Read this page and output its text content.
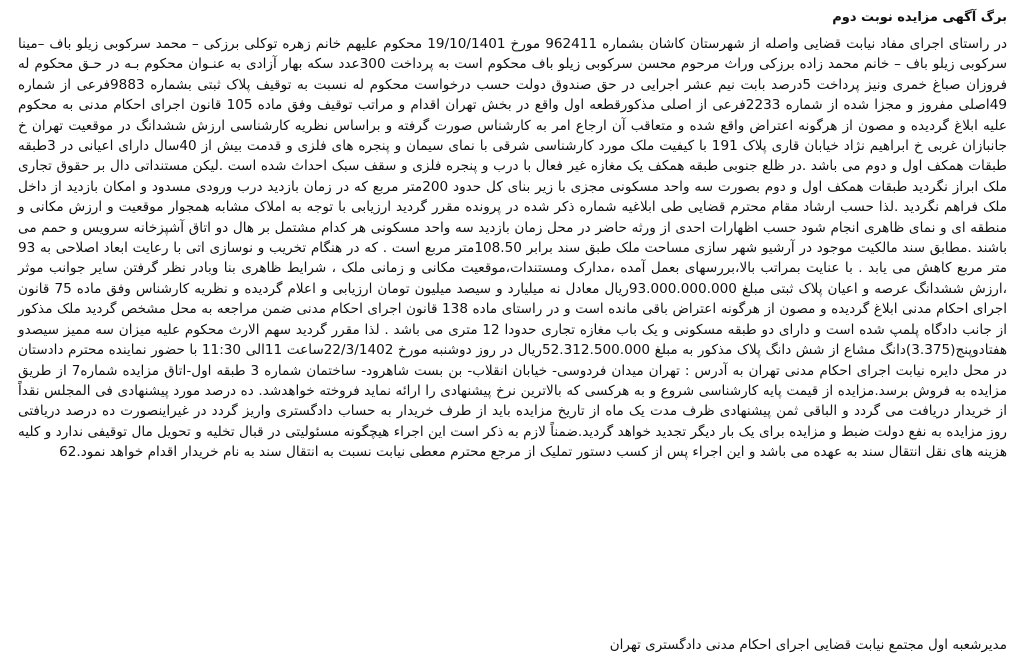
برگ آگهی مزایده نوبت دوم

در راستای اجرای مفاد نیابت قضایی واصله از شهرستان کاشان بشماره 962411 مورخ 19/10/1401 محکوم علیهم خانم زهره توکلی برزکی – محمد سرکوبی زیلو باف –مینا سرکوبی زیلو باف – خانم محمد زاده برزکی وراث مرحوم محسن سرکوبی زیلو باف محکوم است به پرداخت 300عدد سکه بهار آزادی به عنـوان محکوم بـه در حـق محکوم له فروزان صباغ خمری ونیز پرداخت 5درصد بابت نیم عشر اجرایی در حق صندوق دولت حسب درخواست محکوم له نسبت به توقیف پلاک ثبتی بشماره 9883فرعی از شماره 49اصلی مفروز و مجزا شده از شماره 2233فرعی از اصلی مذکورقطعه اول واقع در بخش تهران اقدام و مراتب توقیف وفق ماده 105 قانون اجرای احکام مدنی به محکوم علیه ابلاغ گردیده و مصون از هرگونه اعتراض واقع شده و متعاقب آن ارجاع امر به کارشناس صورت گرفته و براساس نظریه کارشناسی ارزش ششدانگ در موقعیت تهران خ جانبازان غربی خ ابراهیم نژاد خیابان قاری پلاک 191 با کیفیت ملک مورد کارشناسی شرقی با نمای سیمان و پنجره های فلزی و قدمت بیش از 40سال دارای اعیانی در 3طبقه طبقات همکف اول و دوم می باشد .در ظلع جنوبی طبقه همکف یک مغازه غیر فعال با درب و پنجره فلزی و سقف سبک احداث شده است .لیکن مستنداتی دال بر حقوق تجاری ملک ابراز نگردید طبقات همکف اول و دوم بصورت سه واحد مسکونی مجزی با زیر بنای کل حدود 200متر مربع که در زمان بازدید درب ورودی مسدود و امکان بازدید از داخل ملک فراهم نگردید .لذا حسب ارشاد مقام محترم قضایی طی ابلاغیه شماره ذکر شده در پرونده مقرر گردید ارزیابی با توجه به املاک مشابه همجوار موقعیت و ارزش مکانی و منطقه ای و نمای ظاهری انجام شود حسب اظهارات احدی از ورثه حاضر در محل زمان بازدید سه واحد مسکونی هر کدام مشتمل بر هال دو اتاق آشپزخانه سرویس و حمم می باشند .مطابق سند مالکیت موجود در آرشیو شهر سازی مساحت ملک طبق سند برابر 108.50متر مربع است . که در هنگام تخریب و نوسازی اتی با رعایت ابعاد اصلاحی به 93 متر مربع کاهش می یابد . با عنایت بمراتب بالا،بررسهای بعمل آمده ،مدارک ومستندات،موقعیت مکانی و زمانی ملک ، شرایط ظاهری بنا وبادر نظر گرفتن سایر جوانب موثر ،ارزش ششدانگ عرصه و اعیان پلاک ثبتی مبلغ 93.000.000.000ریال معادل نه میلیارد و سیصد میلیون تومان ارزیابی و اعلام گردیده و نظریه کارشناس وفق ماده 75 قانون اجرای احکام مدنی ابلاغ گردیده و مصون از هرگونه اعتراض باقی مانده است و در راستای ماده 138 قانون اجرای احکام مدنی ضمن مراجعه به محل مشخص گردید ملک مذکور از جانب دادگاه پلمپ شده است و دارای دو طبقه مسکونی و یک باب مغازه تجاری حدودا 12 متری می باشد . لذا مقرر گردید سهم الارث محکوم علیه میزان سه ممیز سیصدو هفتادوپنج(3.375)دانگ مشاع از شش دانگ پلاک مذکور به مبلغ 52.312.500.000ریال در روز دوشنبه مورخ 22/3/1402ساعت 11الی 11:30 با حضور نماینده محترم دادستان در محل دایره نیابت اجرای احکام مدنی تهران به آدرس : تهران میدان فردوسی- خیابان انقلاب- بن بست شاهرود- ساختمان شماره 3 طبقه اول-اتاق مزایده شماره7 از طریق مزایده به فروش برسد.مزایده از قیمت پایه کارشناسی شروع و به هرکسی که بالاترین نرخ پیشنهادی را ارائه نماید فروخته خواهدشد. ده درصد مورد پیشنهادی فی المجلس نقداً از خریدار دریافت می گردد و الباقی ثمن پیشنهادی ظرف مدت یک ماه از تاریخ مزایده باید از طرف خریدار به حساب دادگستری واریز گردد در غیراینصورت ده درصد دریافتی روز مزایده به نفع دولت ضبط و مزایده برای یک بار دیگر تجدید خواهد گردید.ضمناً لازم به ذکر است این اجراء هیچگونه مسئولیتی در قبال تخلیه و تحویل مال توقیفی ندارد و کلیه هزینه های نقل انتقال سند به عهده می باشد و این اجراء پس از کسب دستور تملیک از مرجع محترم معطی نیابت نسبت به انتقال سند به نام خریدار اقدام خواهد نمود.62

مدیرشعبه اول مجتمع نیابت قضایی اجرای احکام مدنی دادگستری تهران
